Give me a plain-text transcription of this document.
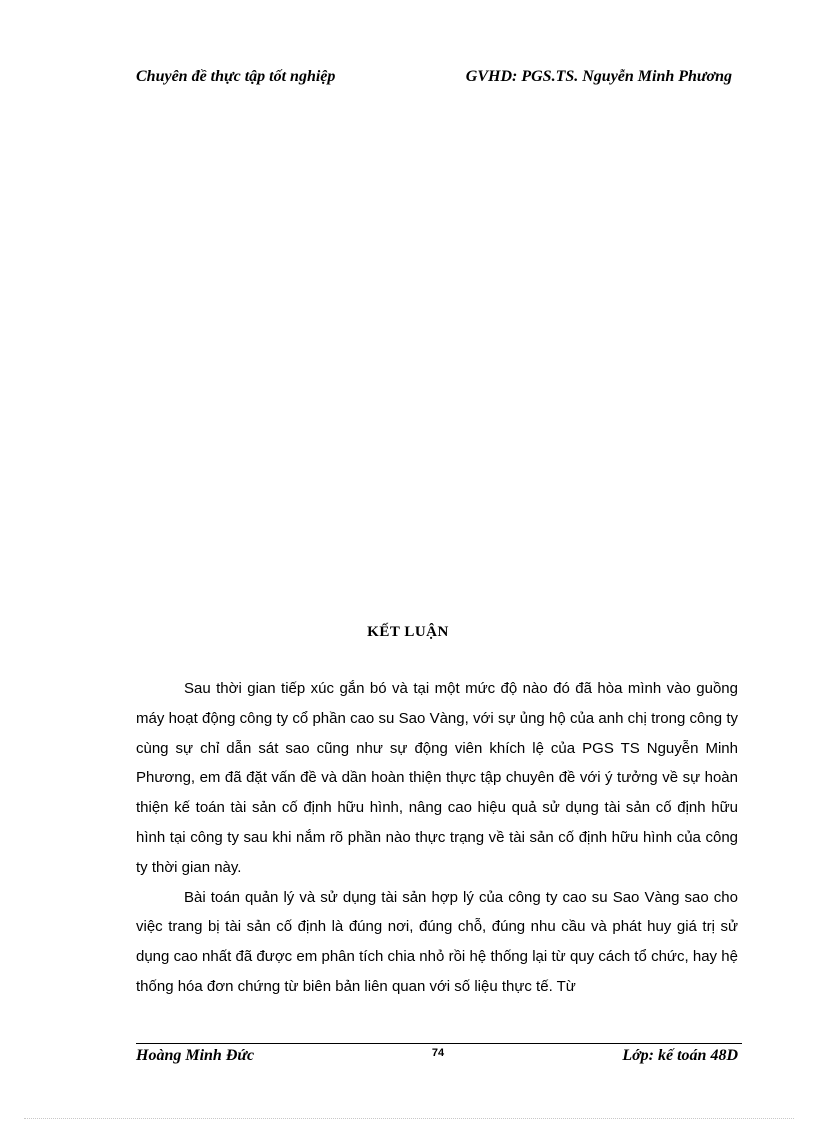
Chuyên đề thực tập tốt nghiệp	GVHD: PGS.TS. Nguyễn Minh Phương
KẾT LUẬN

Sau thời gian tiếp xúc gắn bó và tại một mức độ nào đó đã hòa mình vào guồng máy hoạt động công ty cổ phần cao su Sao Vàng, với sự ủng hộ của anh chị trong công ty cùng sự chỉ dẫn sát sao cũng như sự động viên khích lệ của PGS TS Nguyễn Minh Phương, em đã đặt vấn đề và dần hoàn thiện thực tập chuyên đề với ý tưởng về sự hoàn thiện kế toán tài sản cố định hữu hình, nâng cao hiệu quả sử dụng tài sản cố định hữu hình tại công ty sau khi nắm rõ phần nào thực trạng về tài sản cố định hữu hình của công ty thời gian này.

Bài toán quản lý và sử dụng tài sản hợp lý của công ty cao su Sao Vàng sao cho việc trang bị tài sản cố định là đúng nơi, đúng chỗ, đúng nhu cầu và phát huy giá trị sử dụng cao nhất đã được em phân tích chia nhỏ rồi hệ thống lại từ quy cách tổ chức, hay hệ thống hóa đơn chứng từ biên bản liên quan với số liệu thực tế. Từ

Hoàng Minh Đức	74	Lớp: kế toán 48D
